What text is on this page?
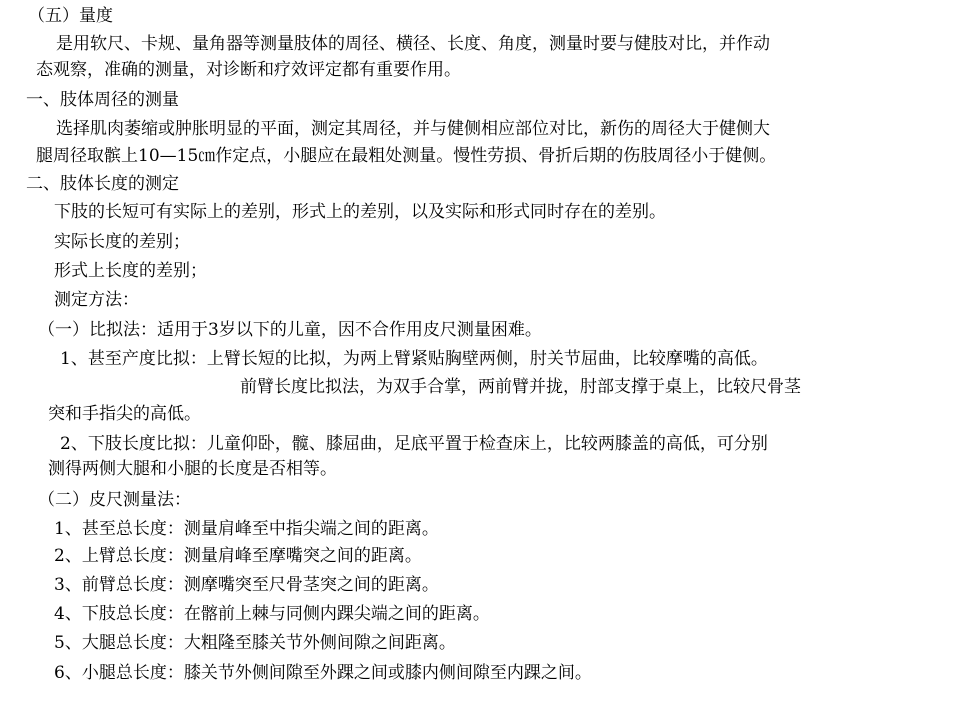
（五）量度
是用软尺、卡规、量角器等测量肢体的周径、横径、长度、角度，测量时要与健肢对比，并作动
态观察，准确的测量，对诊断和疗效评定都有重要作用。
一、肢体周径的测量
选择肌肉萎缩或肿胀明显的平面，测定其周径，并与健侧相应部位对比，新伤的周径大于健侧大
腿周径取髌上10—15㎝作定点，小腿应在最粗处测量。慢性劳损、骨折后期的伤肢周径小于健侧。
二、肢体长度的测定
下肢的长短可有实际上的差别，形式上的差别，以及实际和形式同时存在的差别。
实际长度的差别；
形式上长度的差别；
测定方法：
（一）比拟法：适用于3岁以下的儿童，因不合作用皮尺测量困难。
1、甚至产度比拟：上臂长短的比拟，为两上臂紧贴胸壁两侧，肘关节屈曲，比较摩嘴的高低。
前臂长度比拟法，为双手合掌，两前臂并拢，肘部支撑于桌上，比较尺骨茎
突和手指尖的高低。
2、下肢长度比拟：儿童仰卧，髋、膝屈曲，足底平置于检查床上，比较两膝盖的高低，可分别
测得两侧大腿和小腿的长度是否相等。
（二）皮尺测量法：
1、甚至总长度：测量肩峰至中指尖端之间的距离。
2、上臂总长度：测量肩峰至摩嘴突之间的距离。
3、前臂总长度：测摩嘴突至尺骨茎突之间的距离。
4、下肢总长度：在髂前上棘与同侧内踝尖端之间的距离。
5、大腿总长度：大粗隆至膝关节外侧间隙之间距离。
6、小腿总长度：膝关节外侧间隙至外踝之间或膝内侧间隙至内踝之间。
